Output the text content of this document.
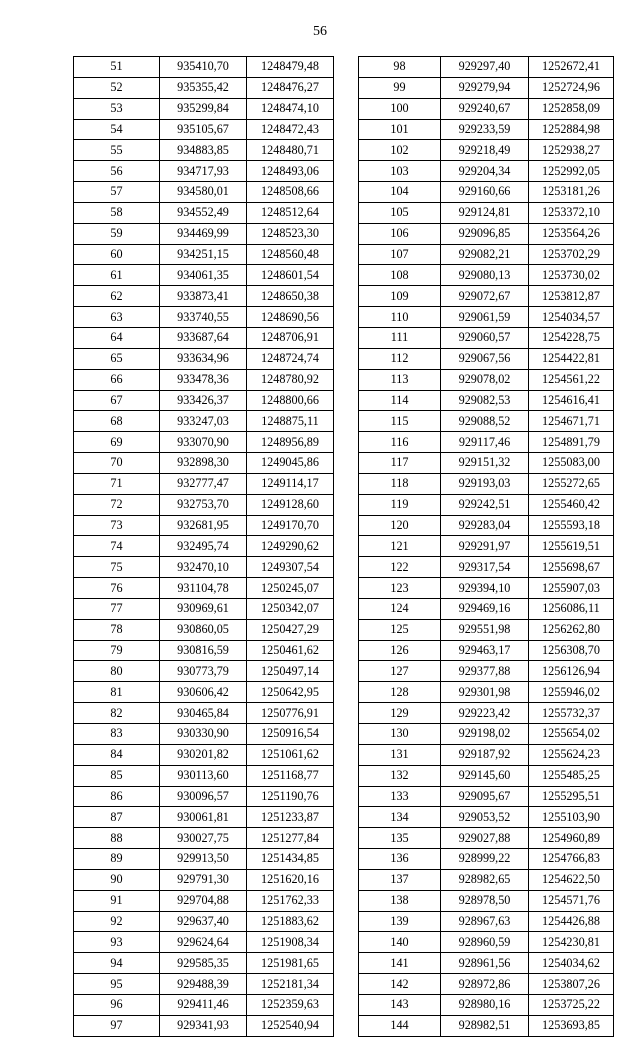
56
51	935410,70	1248479,48
52	935355,42	1248476,27
53	935299,84	1248474,10
54	935105,67	1248472,43
55	934883,85	1248480,71
56	934717,93	1248493,06
57	934580,01	1248508,66
58	934552,49	1248512,64
59	934469,99	1248523,30
60	934251,15	1248560,48
61	934061,35	1248601,54
62	933873,41	1248650,38
63	933740,55	1248690,56
64	933687,64	1248706,91
65	933634,96	1248724,74
66	933478,36	1248780,92
67	933426,37	1248800,66
68	933247,03	1248875,11
69	933070,90	1248956,89
70	932898,30	1249045,86
71	932777,47	1249114,17
72	932753,70	1249128,60
73	932681,95	1249170,70
74	932495,74	1249290,62
75	932470,10	1249307,54
76	931104,78	1250245,07
77	930969,61	1250342,07
78	930860,05	1250427,29
79	930816,59	1250461,62
80	930773,79	1250497,14
81	930606,42	1250642,95
82	930465,84	1250776,91
83	930330,90	1250916,54
84	930201,82	1251061,62
85	930113,60	1251168,77
86	930096,57	1251190,76
87	930061,81	1251233,87
88	930027,75	1251277,84
89	929913,50	1251434,85
90	929791,30	1251620,16
91	929704,88	1251762,33
92	929637,40	1251883,62
93	929624,64	1251908,34
94	929585,35	1251981,65
95	929488,39	1252181,34
96	929411,46	1252359,63
97	929341,93	1252540,94
98	929297,40	1252672,41
99	929279,94	1252724,96
100	929240,67	1252858,09
101	929233,59	1252884,98
102	929218,49	1252938,27
103	929204,34	1252992,05
104	929160,66	1253181,26
105	929124,81	1253372,10
106	929096,85	1253564,26
107	929082,21	1253702,29
108	929080,13	1253730,02
109	929072,67	1253812,87
110	929061,59	1254034,57
111	929060,57	1254228,75
112	929067,56	1254422,81
113	929078,02	1254561,22
114	929082,53	1254616,41
115	929088,52	1254671,71
116	929117,46	1254891,79
117	929151,32	1255083,00
118	929193,03	1255272,65
119	929242,51	1255460,42
120	929283,04	1255593,18
121	929291,97	1255619,51
122	929317,54	1255698,67
123	929394,10	1255907,03
124	929469,16	1256086,11
125	929551,98	1256262,80
126	929463,17	1256308,70
127	929377,88	1256126,94
128	929301,98	1255946,02
129	929223,42	1255732,37
130	929198,02	1255654,02
131	929187,92	1255624,23
132	929145,60	1255485,25
133	929095,67	1255295,51
134	929053,52	1255103,90
135	929027,88	1254960,89
136	928999,22	1254766,83
137	928982,65	1254622,50
138	928978,50	1254571,76
139	928967,63	1254426,88
140	928960,59	1254230,81
141	928961,56	1254034,62
142	928972,86	1253807,26
143	928980,16	1253725,22
144	928982,51	1253693,85
